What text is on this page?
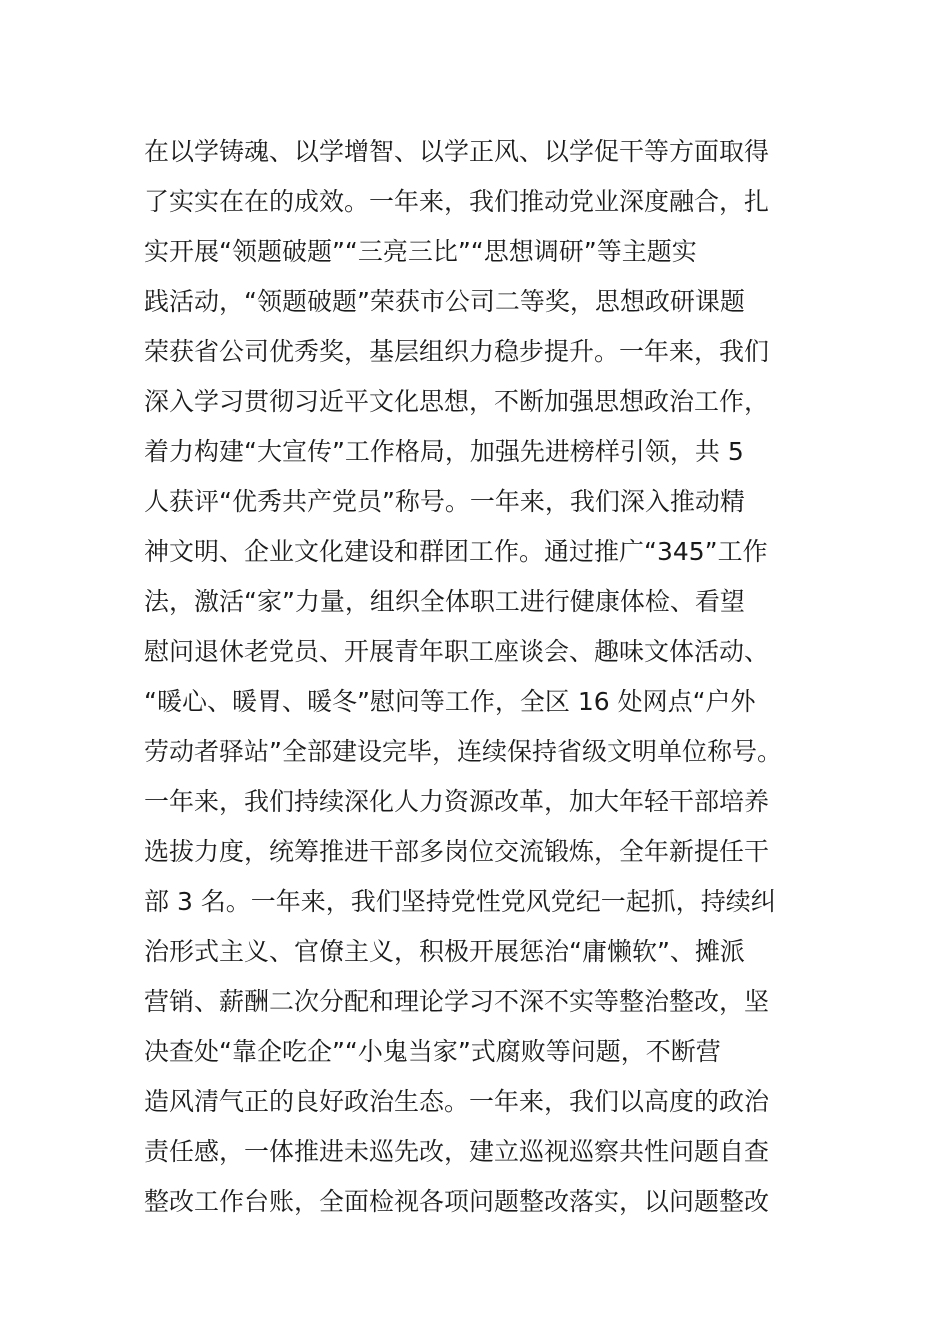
在以学铸魂、以学增智、以学正风、以学促干等方面取得
了实实在在的成效。一年来，我们推动党业深度融合，扎
实开展“领题破题”“三亮三比”“思想调研”等主题实
践活动，“领题破题”荣获市公司二等奖，思想政研课题
荣获省公司优秀奖，基层组织力稳步提升。一年来，我们
深入学习贯彻习近平文化思想，不断加强思想政治工作，
着力构建“大宣传”工作格局，加强先进榜样引领，共 5
人获评“优秀共产党员”称号。一年来，我们深入推动精
神文明、企业文化建设和群团工作。通过推广“345”工作
法，激活“家”力量，组织全体职工进行健康体检、看望
慰问退休老党员、开展青年职工座谈会、趣味文体活动、
“暖心、暖胃、暖冬”慰问等工作，全区 16 处网点“户外
劳动者驿站”全部建设完毕，连续保持省级文明单位称号。
一年来，我们持续深化人力资源改革，加大年轻干部培养
选拔力度，统筹推进干部多岗位交流锻炼，全年新提任干
部 3 名。一年来，我们坚持党性党风党纪一起抓，持续纠
治形式主义、官僚主义，积极开展惩治“庸懒软”、摊派
营销、薪酬二次分配和理论学习不深不实等整治整改，坚
决查处“靠企吃企”“小鬼当家”式腐败等问题，不断营
造风清气正的良好政治生态。一年来，我们以高度的政治
责任感，一体推进未巡先改，建立巡视巡察共性问题自查
整改工作台账，全面检视各项问题整改落实，以问题整改
